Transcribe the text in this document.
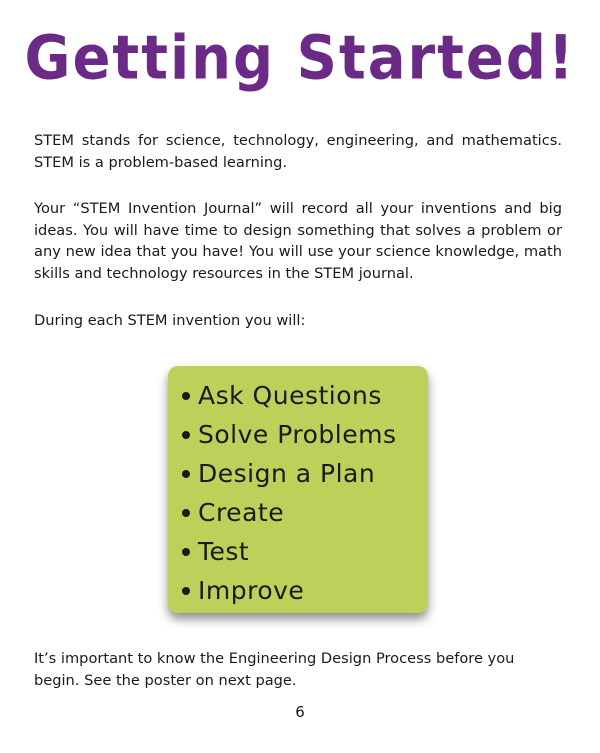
Getting Started!

STEM stands for science, technology, engineering, and mathematics. STEM is a problem-based learning.

Your “STEM Invention Journal” will record all your inventions and big ideas. You will have time to design something that solves a problem or any new idea that you have! You will use your science knowledge, math skills and technology resources in the STEM journal.

During each STEM invention you will:

Ask Questions
Solve Problems
Design a Plan
Create
Test
Improve

It’s important to know the Engineering Design Process before you begin. See the poster on next page.

6
